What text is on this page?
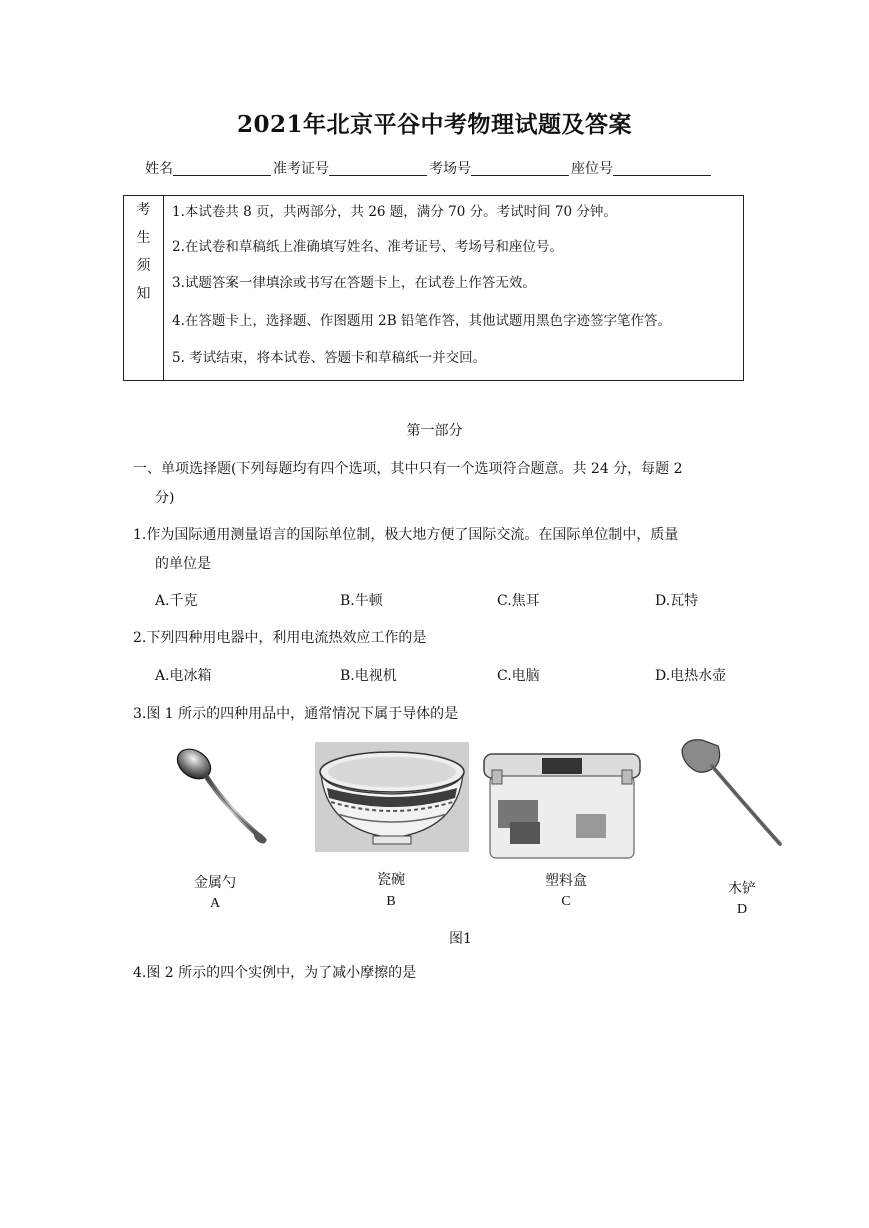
2021年北京平谷中考物理试题及答案
姓名	准考证号	考场号	座位号
考
生
须
知
1.本试卷共 8 页，共两部分，共 26 题，满分 70 分。考试时间 70 分钟。
2.在试卷和草稿纸上准确填写姓名、准考证号、考场号和座位号。
3.试题答案一律填涂或书写在答题卡上，在试卷上作答无效。
4.在答题卡上，选择题、作图题用 2B 铅笔作答，其他试题用黑色字迹签字笔作答。
5. 考试结束，将本试卷、答题卡和草稿纸一并交回。
第一部分
一、单项选择题(下列每题均有四个选项，其中只有一个选项符合题意。共 24 分，每题 2
分)
1.作为国际通用测量语言的国际单位制，极大地方便了国际交流。在国际单位制中，质量
的单位是
A.千克	B.牛顿	C.焦耳	D.瓦特
2.下列四种用电器中，利用电流热效应工作的是
A.电冰箱	B.电视机	C.电脑	D.电热水壶
3.图 1 所示的四种用品中，通常情况下属于导体的是
金属勺
A
瓷碗
B
塑料盒
C
木铲
D
图1
4.图 2 所示的四个实例中，为了减小摩擦的是
